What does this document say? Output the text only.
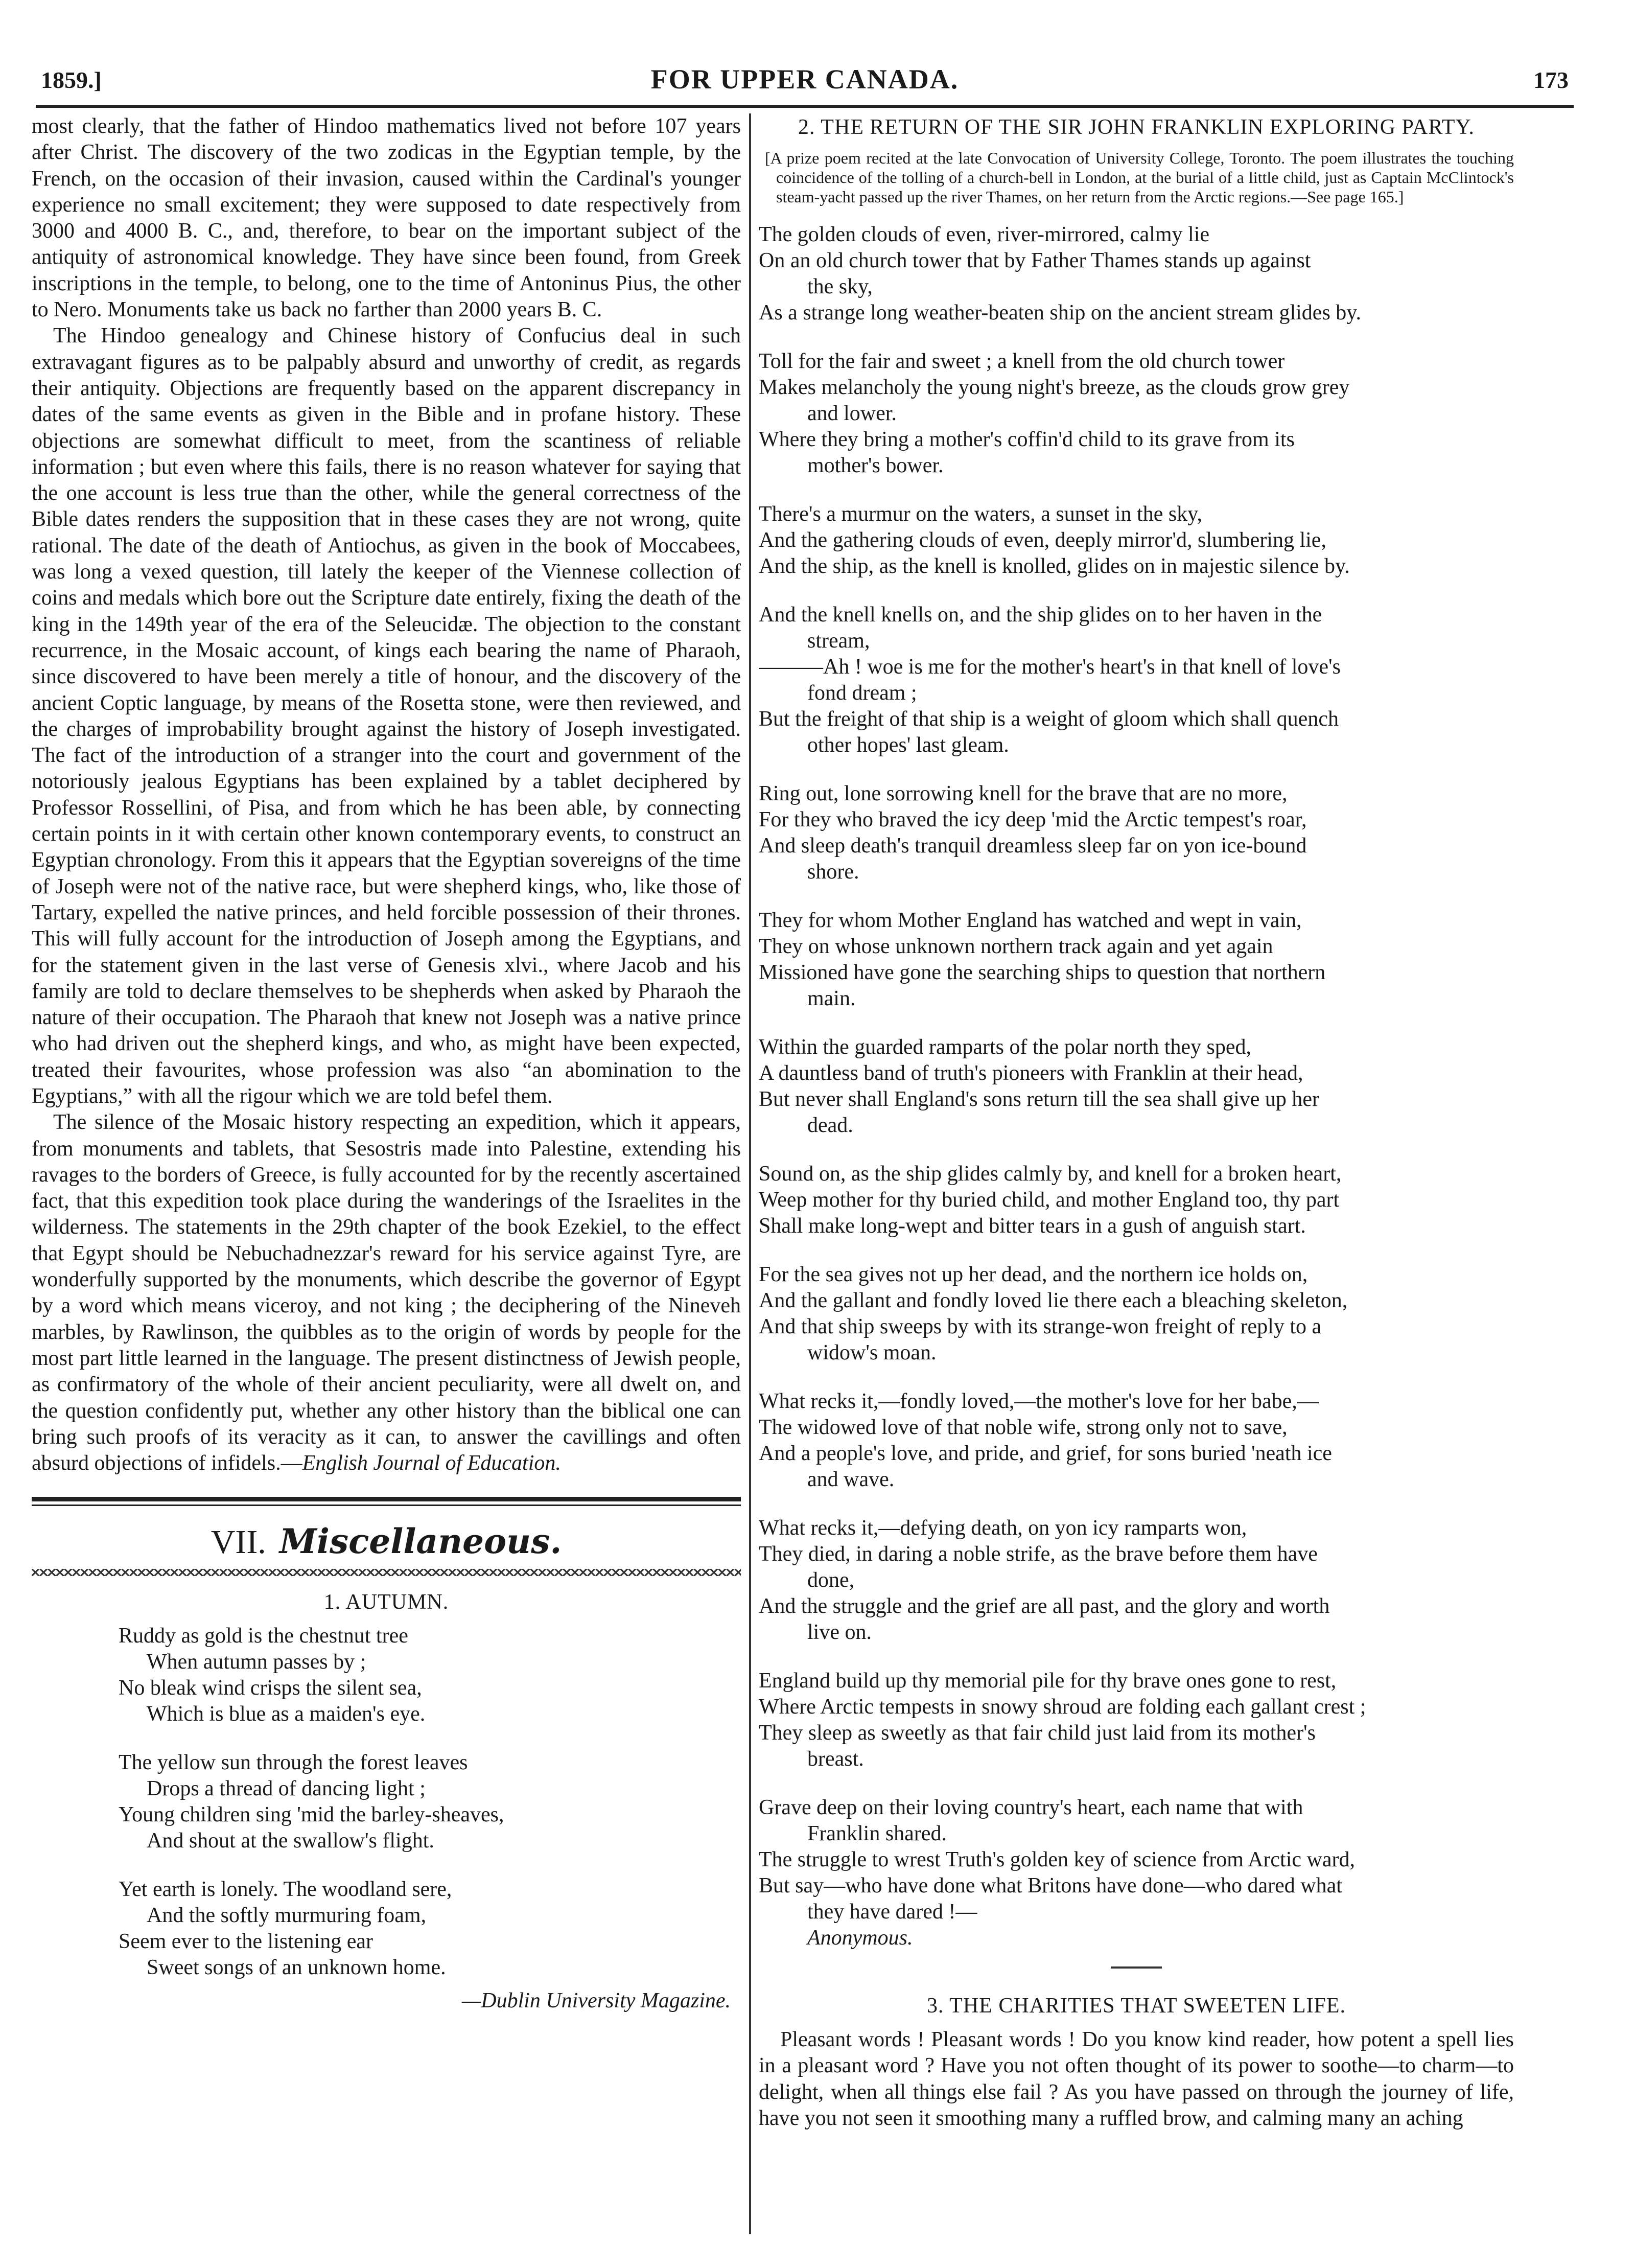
1859.]	FOR UPPER CANADA.	173

most clearly, that the father of Hindoo mathematics lived not before 107 years after Christ. The discovery of the two zodicas in the Egyptian temple, by the French, on the occasion of their invasion, caused within the Cardinal's younger experience no small excitement; they were supposed to date respectively from 3000 and 4000 B. C., and, therefore, to bear on the important subject of the antiquity of astronomical knowledge. They have since been found, from Greek inscriptions in the temple, to belong, one to the time of Antoninus Pius, the other to Nero. Monuments take us back no farther than 2000 years B. C.

The Hindoo genealogy and Chinese history of Confucius deal in such extravagant figures as to be palpably absurd and unworthy of credit, as regards their antiquity. Objections are frequently based on the apparent discrepancy in dates of the same events as given in the Bible and in profane history. These objections are somewhat difficult to meet, from the scantiness of reliable information ; but even where this fails, there is no reason whatever for saying that the one account is less true than the other, while the general correctness of the Bible dates renders the supposition that in these cases they are not wrong, quite rational. The date of the death of Antiochus, as given in the book of Moccabees, was long a vexed question, till lately the keeper of the Viennese collection of coins and medals which bore out the Scripture date entirely, fixing the death of the king in the 149th year of the era of the Seleucidæ. The objection to the constant recurrence, in the Mosaic account, of kings each bearing the name of Pharaoh, since discovered to have been merely a title of honour, and the discovery of the ancient Coptic language, by means of the Rosetta stone, were then reviewed, and the charges of improbability brought against the history of Joseph investigated. The fact of the introduction of a stranger into the court and government of the notoriously jealous Egyptians has been explained by a tablet deciphered by Professor Rossellini, of Pisa, and from which he has been able, by connecting certain points in it with certain other known contemporary events, to construct an Egyptian chronology. From this it appears that the Egyptian sovereigns of the time of Joseph were not of the native race, but were shepherd kings, who, like those of Tartary, expelled the native princes, and held forcible possession of their thrones. This will fully account for the introduction of Joseph among the Egyptians, and for the statement given in the last verse of Genesis xlvi., where Jacob and his family are told to declare themselves to be shepherds when asked by Pharaoh the nature of their occupation. The Pharaoh that knew not Joseph was a native prince who had driven out the shepherd kings, and who, as might have been expected, treated their favourites, whose profession was also “an abomination to the Egyptians,” with all the rigour which we are told befel them.

The silence of the Mosaic history respecting an expedition, which it appears, from monuments and tablets, that Sesostris made into Palestine, extending his ravages to the borders of Greece, is fully accounted for by the recently ascertained fact, that this expedition took place during the wanderings of the Israelites in the wilderness. The statements in the 29th chapter of the book Ezekiel, to the effect that Egypt should be Nebuchadnezzar's reward for his service against Tyre, are wonderfully supported by the monuments, which describe the governor of Egypt by a word which means viceroy, and not king ; the deciphering of the Nineveh marbles, by Rawlinson, the quibbles as to the origin of words by people for the most part little learned in the language. The present distinctness of Jewish people, as confirmatory of the whole of their ancient peculiarity, were all dwelt on, and the question confidently put, whether any other history than the biblical one can bring such proofs of its veracity as it can, to answer the cavillings and often absurd objections of infidels.—English Journal of Education.

VII. Miscellaneous.
1. AUTUMN.
Ruddy as gold is the chestnut tree
When autumn passes by ;
No bleak wind crisps the silent sea,
Which is blue as a maiden's eye.
The yellow sun through the forest leaves
Drops a thread of dancing light ;
Young children sing 'mid the barley-sheaves,
And shout at the swallow's flight.
Yet earth is lonely. The woodland sere,
And the softly murmuring foam,
Seem ever to the listening ear
Sweet songs of an unknown home.
—Dublin University Magazine.
2. THE RETURN OF THE SIR JOHN FRANKLIN EXPLORING PARTY.
[A prize poem recited at the late Convocation of University College, Toronto. The poem illustrates the touching coincidence of the tolling of a church-bell in London, at the burial of a little child, just as Captain McClintock's steam-yacht passed up the river Thames, on her return from the Arctic regions.—See page 165.]
The golden clouds of even, river-mirrored, calmy lie
On an old church tower that by Father Thames stands up against
the sky,
As a strange long weather-beaten ship on the ancient stream glides by.
Toll for the fair and sweet ; a knell from the old church tower
Makes melancholy the young night's breeze, as the clouds grow grey
and lower.
Where they bring a mother's coffin'd child to its grave from its
mother's bower.
There's a murmur on the waters, a sunset in the sky,
And the gathering clouds of even, deeply mirror'd, slumbering lie,
And the ship, as the knell is knolled, glides on in majestic silence by.
And the knell knells on, and the ship glides on to her haven in the
stream,
———Ah ! woe is me for the mother's heart's in that knell of love's
fond dream ;
But the freight of that ship is a weight of gloom which shall quench
other hopes' last gleam.
Ring out, lone sorrowing knell for the brave that are no more,
For they who braved the icy deep 'mid the Arctic tempest's roar,
And sleep death's tranquil dreamless sleep far on yon ice-bound
shore.
They for whom Mother England has watched and wept in vain,
They on whose unknown northern track again and yet again
Missioned have gone the searching ships to question that northern
main.
Within the guarded ramparts of the polar north they sped,
A dauntless band of truth's pioneers with Franklin at their head,
But never shall England's sons return till the sea shall give up her
dead.
Sound on, as the ship glides calmly by, and knell for a broken heart,
Weep mother for thy buried child, and mother England too, thy part
Shall make long-wept and bitter tears in a gush of anguish start.
For the sea gives not up her dead, and the northern ice holds on,
And the gallant and fondly loved lie there each a bleaching skeleton,
And that ship sweeps by with its strange-won freight of reply to a
widow's moan.
What recks it,—fondly loved,—the mother's love for her babe,—
The widowed love of that noble wife, strong only not to save,
And a people's love, and pride, and grief, for sons buried 'neath ice
and wave.
What recks it,—defying death, on yon icy ramparts won,
They died, in daring a noble strife, as the brave before them have
done,
And the struggle and the grief are all past, and the glory and worth
live on.
England build up thy memorial pile for thy brave ones gone to rest,
Where Arctic tempests in snowy shroud are folding each gallant crest ;
They sleep as sweetly as that fair child just laid from its mother's
breast.
Grave deep on their loving country's heart, each name that with
Franklin shared.
The struggle to wrest Truth's golden key of science from Arctic ward,
But say—who have done what Britons have done—who dared what
they have dared !—
Anonymous.
3. THE CHARITIES THAT SWEETEN LIFE.

Pleasant words ! Pleasant words ! Do you know kind reader, how potent a spell lies in a pleasant word ? Have you not often thought of its power to soothe—to charm—to delight, when all things else fail ? As you have passed on through the journey of life, have you not seen it smoothing many a ruffled brow, and calming many an aching
